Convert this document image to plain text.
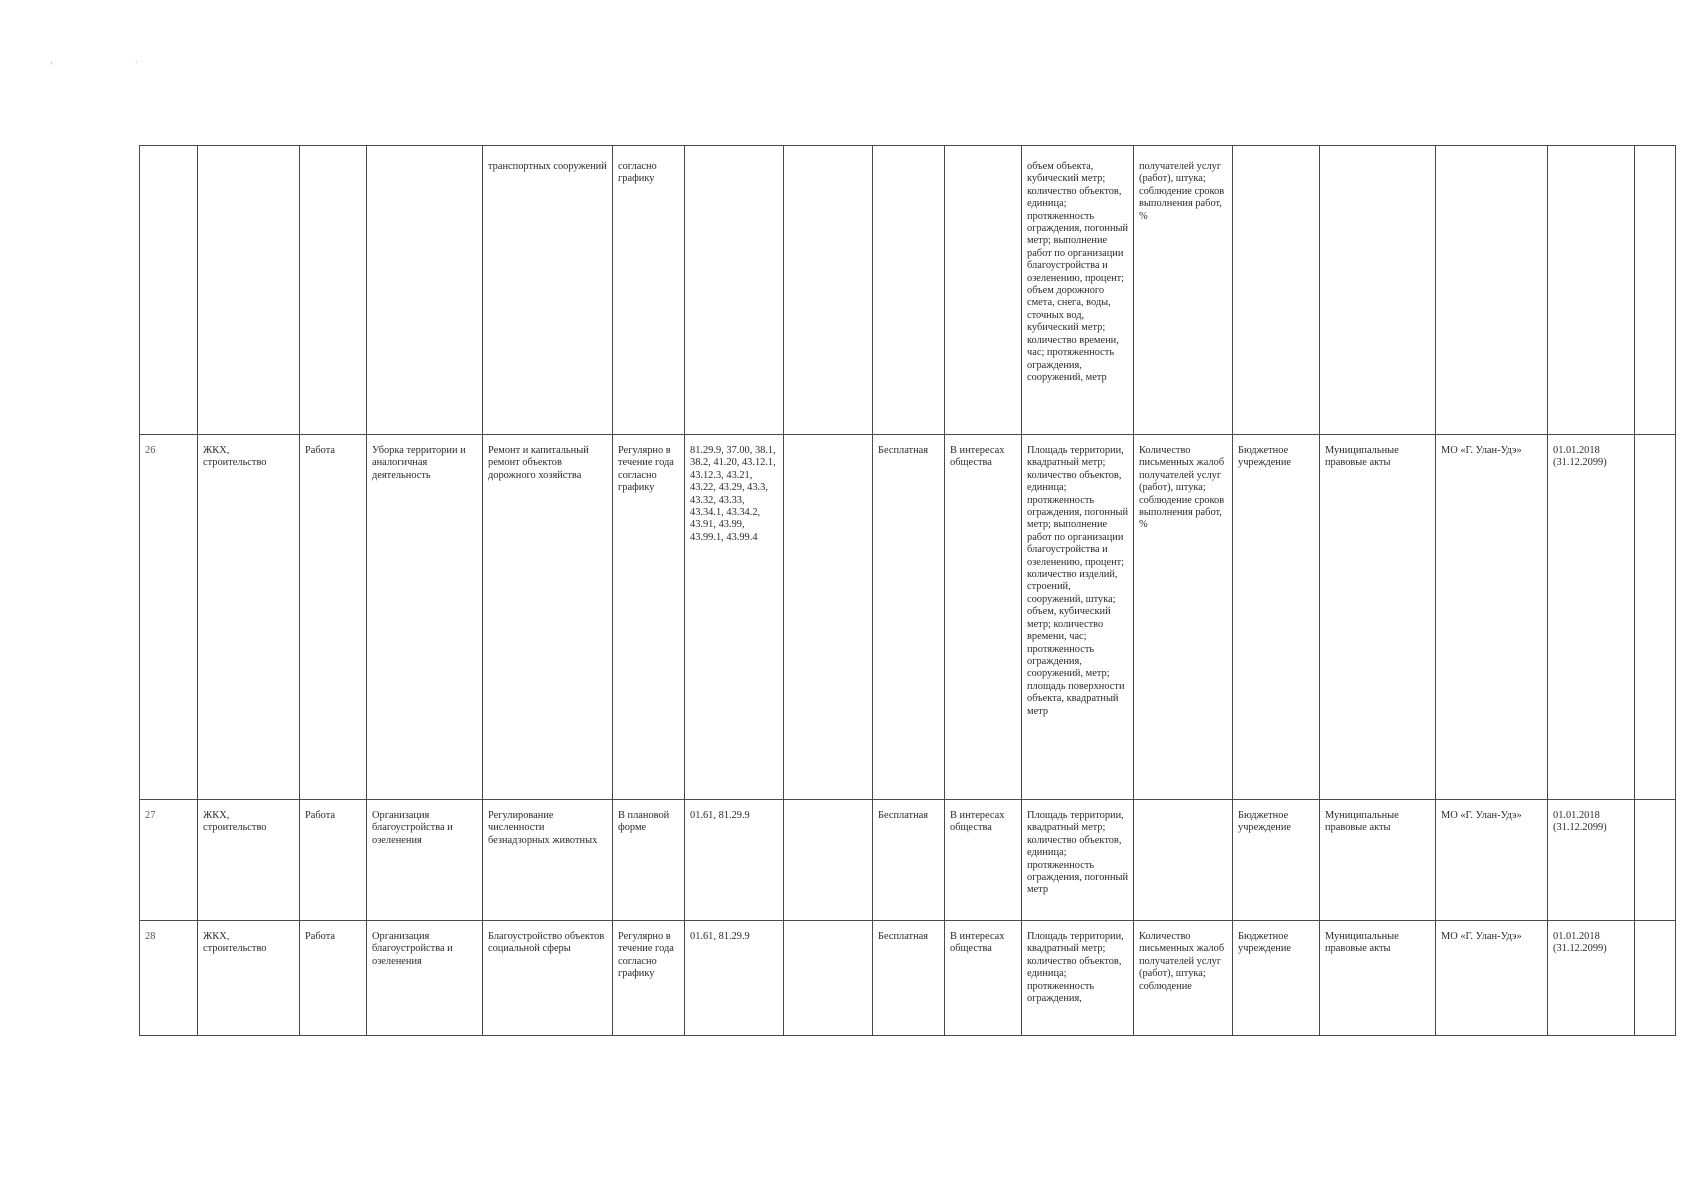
, .
				транспортных сооружений	согласно графику					объем объекта, кубический метр; количество объектов, единица; протяженность ограждения, погонный метр; выполнение работ по организации благоустройства и озеленению, процент; объем дорожного смета, снега, воды, сточных вод, кубический метр; количество времени, час; протяженность ограждения, сооружений, метр	получателей услуг (работ), штука; соблюдение сроков выполнения работ, %					
26	ЖКХ, строительство	Работа	Уборка территории и аналогичная деятельность	Ремонт и капитальный ремонт объектов дорожного хозяйства	Регулярно в течение года согласно графику	81.29.9, 37.00, 38.1, 38.2, 41.20, 43.12.1, 43.12.3, 43.21, 43.22, 43.29, 43.3, 43.32, 43.33, 43.34.1, 43.34.2, 43.91, 43.99, 43.99.1, 43.99.4		Бесплатная	В интересах общества	Площадь территории, квадратный метр; количество объектов, единица; протяженность ограждения, погонный метр; выполнение работ по организации благоустройства и озеленению, процент; количество изделий, строений, сооружений, штука; объем, кубический метр; количество времени, час; протяженность ограждения, сооружений, метр; площадь поверхности объекта, квадратный метр	Количество письменных жалоб получателей услуг (работ), штука; соблюдение сроков выполнения работ, %	Бюджетное учреждение	Муниципальные правовые акты	МО «Г. Улан-Удэ»	01.01.2018 (31.12.2099)	
27	ЖКХ, строительство	Работа	Организация благоустройства и озеленения	Регулирование численности безнадзорных животных	В плановой форме	01.61, 81.29.9		Бесплатная	В интересах общества	Площадь территории, квадратный метр; количество объектов, единица; протяженность ограждения, погонный метр		Бюджетное учреждение	Муниципальные правовые акты	МО «Г. Улан-Удэ»	01.01.2018 (31.12.2099)	
28	ЖКХ, строительство	Работа	Организация благоустройства и озеленения	Благоустройство объектов социальной сферы	Регулярно в течение года согласно графику	01.61, 81.29.9		Бесплатная	В интересах общества	Площадь территории, квадратный метр; количество объектов, единица; протяженность ограждения,	Количество письменных жалоб получателей услуг (работ), штука; соблюдение	Бюджетное учреждение	Муниципальные правовые акты	МО «Г. Улан-Удэ»	01.01.2018 (31.12.2099)	
